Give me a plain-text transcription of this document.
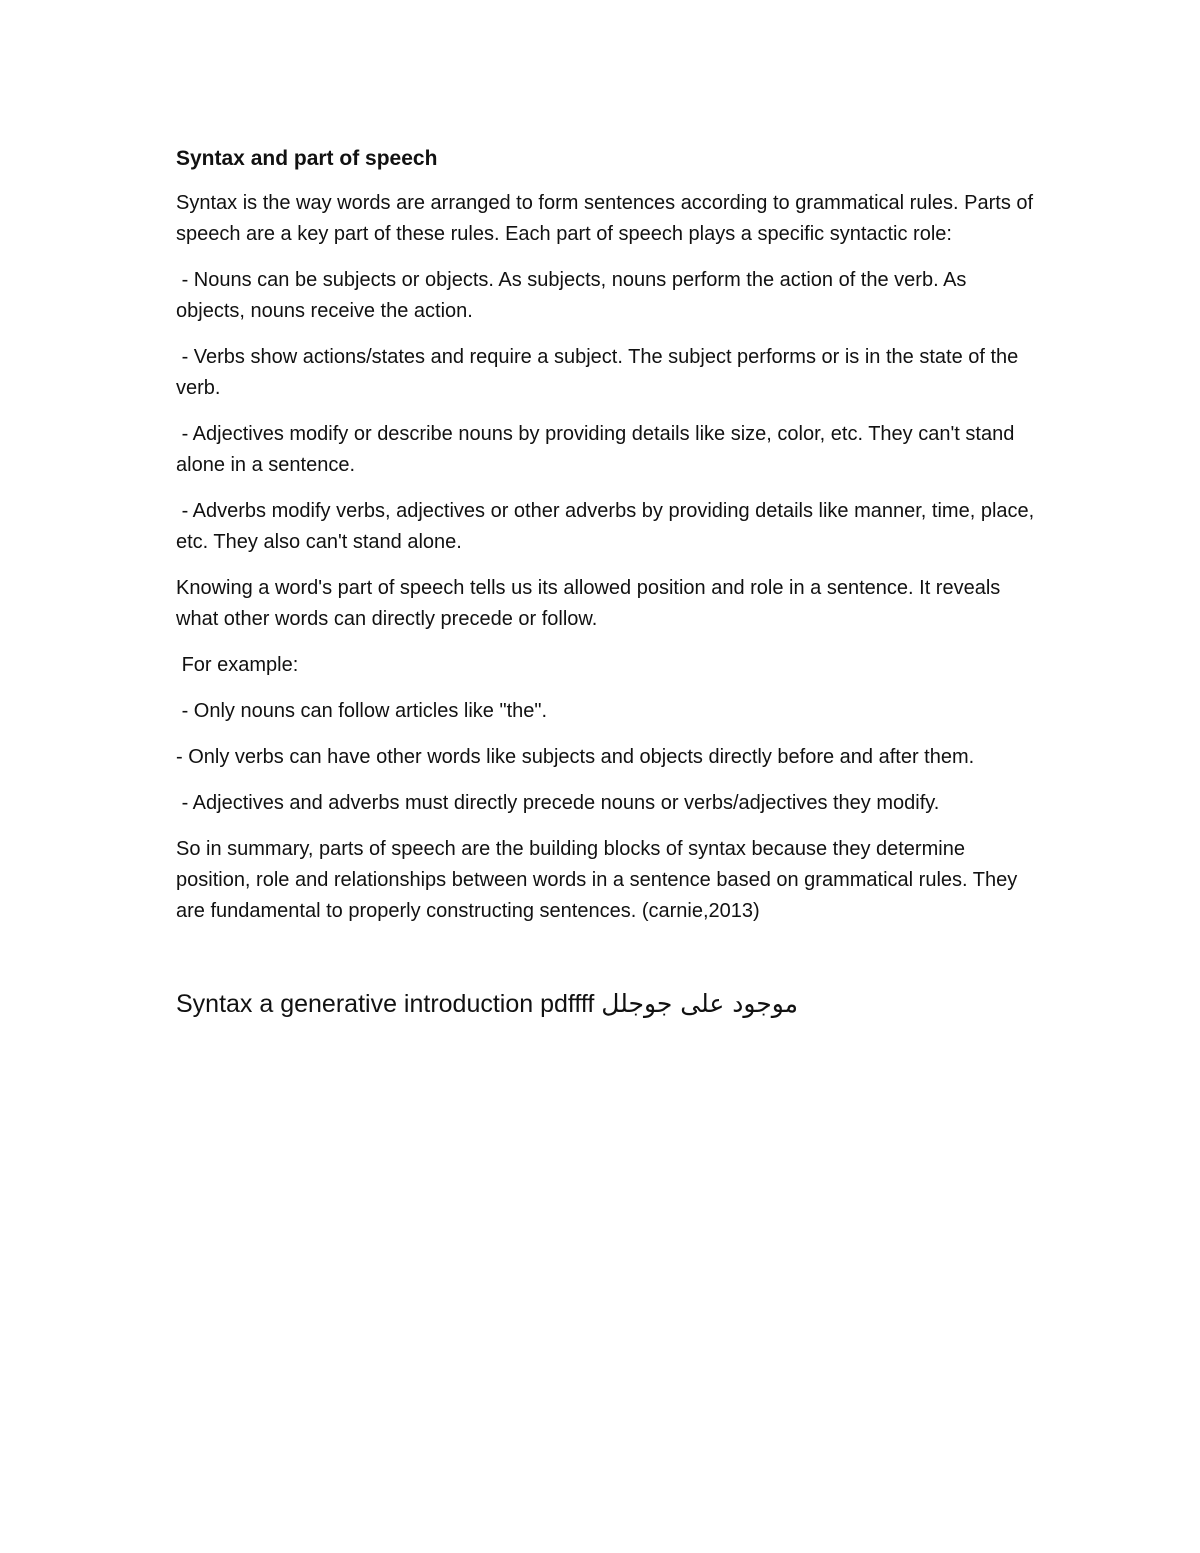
Syntax and part of speech

Syntax is the way words are arranged to form sentences according to grammatical rules. Parts of speech are a key part of these rules. Each part of speech plays a specific syntactic role:

- Nouns can be subjects or objects. As subjects, nouns perform the action of the verb. As objects, nouns receive the action.

- Verbs show actions/states and require a subject. The subject performs or is in the state of the verb.

- Adjectives modify or describe nouns by providing details like size, color, etc. They can't stand alone in a sentence.

- Adverbs modify verbs, adjectives or other adverbs by providing details like manner, time, place, etc. They also can't stand alone.

Knowing a word's part of speech tells us its allowed position and role in a sentence. It reveals what other words can directly precede or follow.

For example:

- Only nouns can follow articles like "the".

- Only verbs can have other words like subjects and objects directly before and after them.

- Adjectives and adverbs must directly precede nouns or verbs/adjectives they modify.

So in summary, parts of speech are the building blocks of syntax because they determine position, role and relationships between words in a sentence based on grammatical rules. They are fundamental to properly constructing sentences. (carnie,2013)

Syntax a generative introduction pdffff موجود على جوجلل
